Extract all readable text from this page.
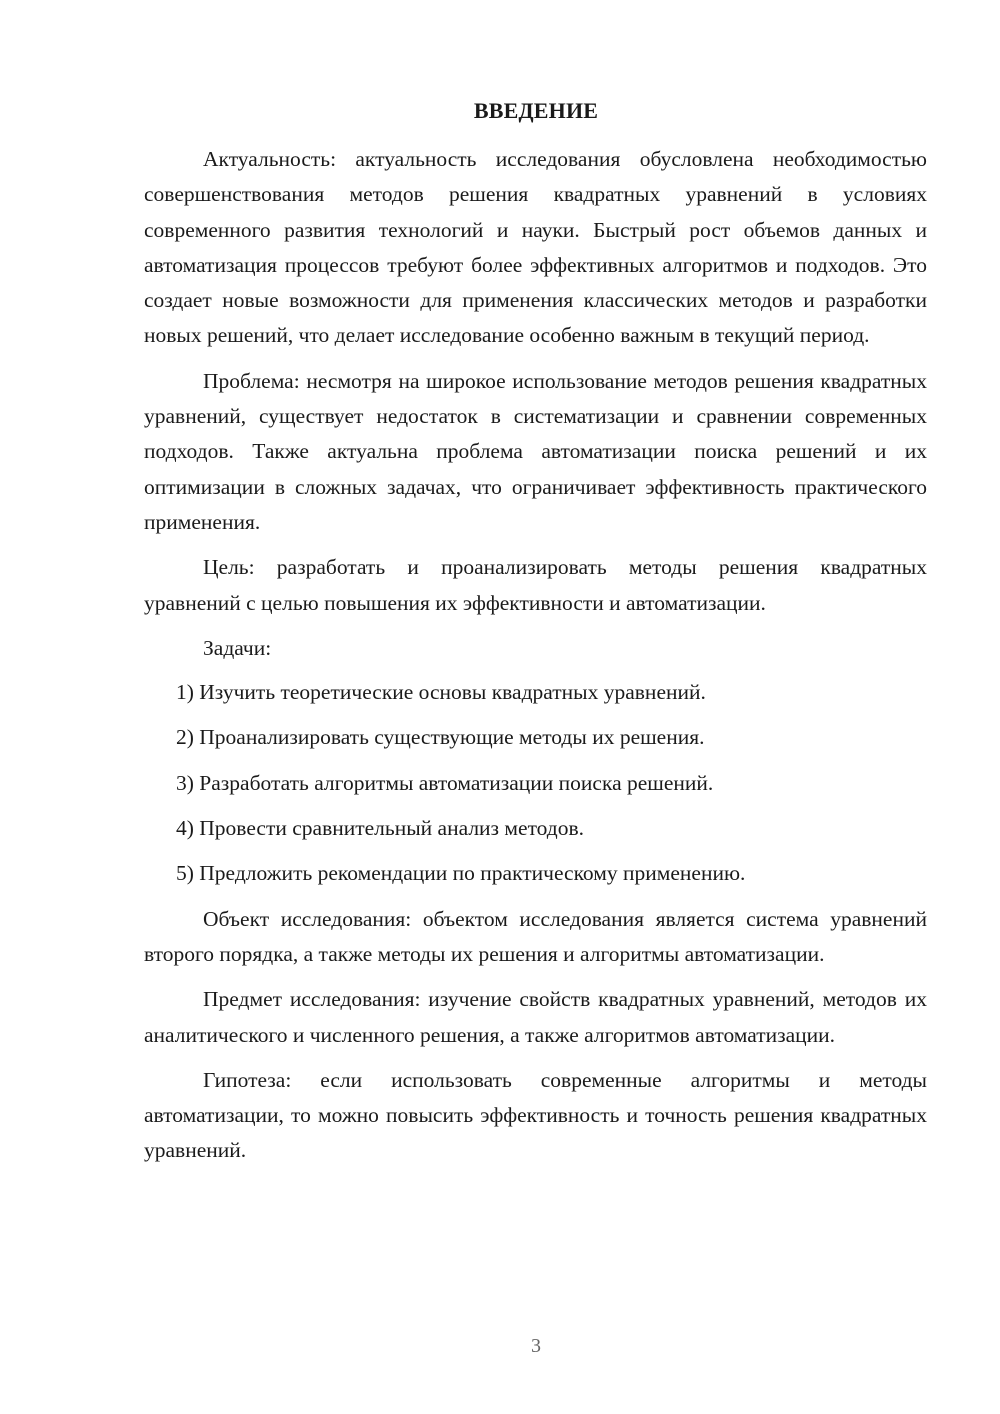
ВВЕДЕНИЕ

Актуальность: актуальность исследования обусловлена необходимостью совершенствования методов решения квадратных уравнений в условиях современного развития технологий и науки. Быстрый рост объемов данных и автоматизация процессов требуют более эффективных алгоритмов и подходов. Это создает новые возможности для применения классических методов и разработки новых решений, что делает исследование особенно важным в текущий период.

Проблема: несмотря на широкое использование методов решения квадратных уравнений, существует недостаток в систематизации и сравнении современных подходов. Также актуальна проблема автоматизации поиска решений и их оптимизации в сложных задачах, что ограничивает эффективность практического применения.

Цель: разработать и проанализировать методы решения квадратных уравнений с целью повышения их эффективности и автоматизации.

Задачи:

1) Изучить теоретические основы квадратных уравнений.
2) Проанализировать существующие методы их решения.
3) Разработать алгоритмы автоматизации поиска решений.
4) Провести сравнительный анализ методов.
5) Предложить рекомендации по практическому применению.

Объект исследования: объектом исследования является система уравнений второго порядка, а также методы их решения и алгоритмы автоматизации.

Предмет исследования: изучение свойств квадратных уравнений, методов их аналитического и численного решения, а также алгоритмов автоматизации.

Гипотеза: если использовать современные алгоритмы и методы автоматизации, то можно повысить эффективность и точность решения квадратных уравнений.

3
